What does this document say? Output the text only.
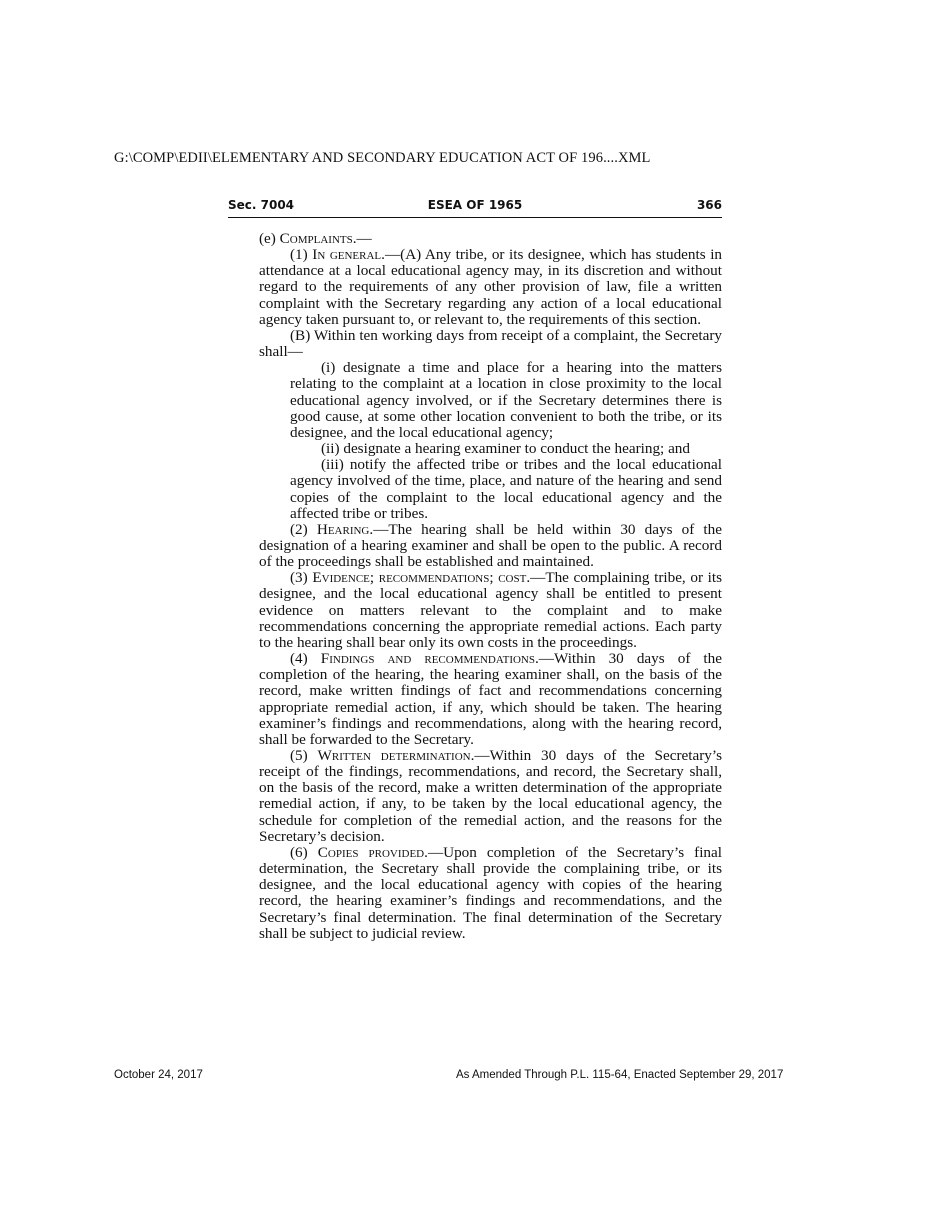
G:\COMP\EDII\ELEMENTARY AND SECONDARY EDUCATION ACT OF 196....XML
Sec. 7004	ESEA OF 1965	366

(e) Complaints.—

(1) In general.—(A) Any tribe, or its designee, which has students in attendance at a local educational agency may, in its discretion and without regard to the requirements of any other provision of law, file a written complaint with the Secretary regarding any action of a local educational agency taken pursuant to, or relevant to, the requirements of this section.

(B) Within ten working days from receipt of a complaint, the Secretary shall—

(i) designate a time and place for a hearing into the matters relating to the complaint at a location in close proximity to the local educational agency involved, or if the Secretary determines there is good cause, at some other location convenient to both the tribe, or its designee, and the local educational agency;

(ii) designate a hearing examiner to conduct the hearing; and

(iii) notify the affected tribe or tribes and the local educational agency involved of the time, place, and nature of the hearing and send copies of the complaint to the local educational agency and the affected tribe or tribes.

(2) Hearing.—The hearing shall be held within 30 days of the designation of a hearing examiner and shall be open to the public. A record of the proceedings shall be established and maintained.

(3) Evidence; recommendations; cost.—The complaining tribe, or its designee, and the local educational agency shall be entitled to present evidence on matters relevant to the complaint and to make recommendations concerning the appropriate remedial actions. Each party to the hearing shall bear only its own costs in the proceedings.

(4) Findings and recommendations.—Within 30 days of the completion of the hearing, the hearing examiner shall, on the basis of the record, make written findings of fact and recommendations concerning appropriate remedial action, if any, which should be taken. The hearing examiner’s findings and recommendations, along with the hearing record, shall be forwarded to the Secretary.

(5) Written determination.—Within 30 days of the Secretary’s receipt of the findings, recommendations, and record, the Secretary shall, on the basis of the record, make a written determination of the appropriate remedial action, if any, to be taken by the local educational agency, the schedule for completion of the remedial action, and the reasons for the Secretary’s decision.

(6) Copies provided.—Upon completion of the Secretary’s final determination, the Secretary shall provide the complaining tribe, or its designee, and the local educational agency with copies of the hearing record, the hearing examiner’s findings and recommendations, and the Secretary’s final determination. The final determination of the Secretary shall be subject to judicial review.

October 24, 2017	As Amended Through P.L. 115-64, Enacted September 29, 2017
